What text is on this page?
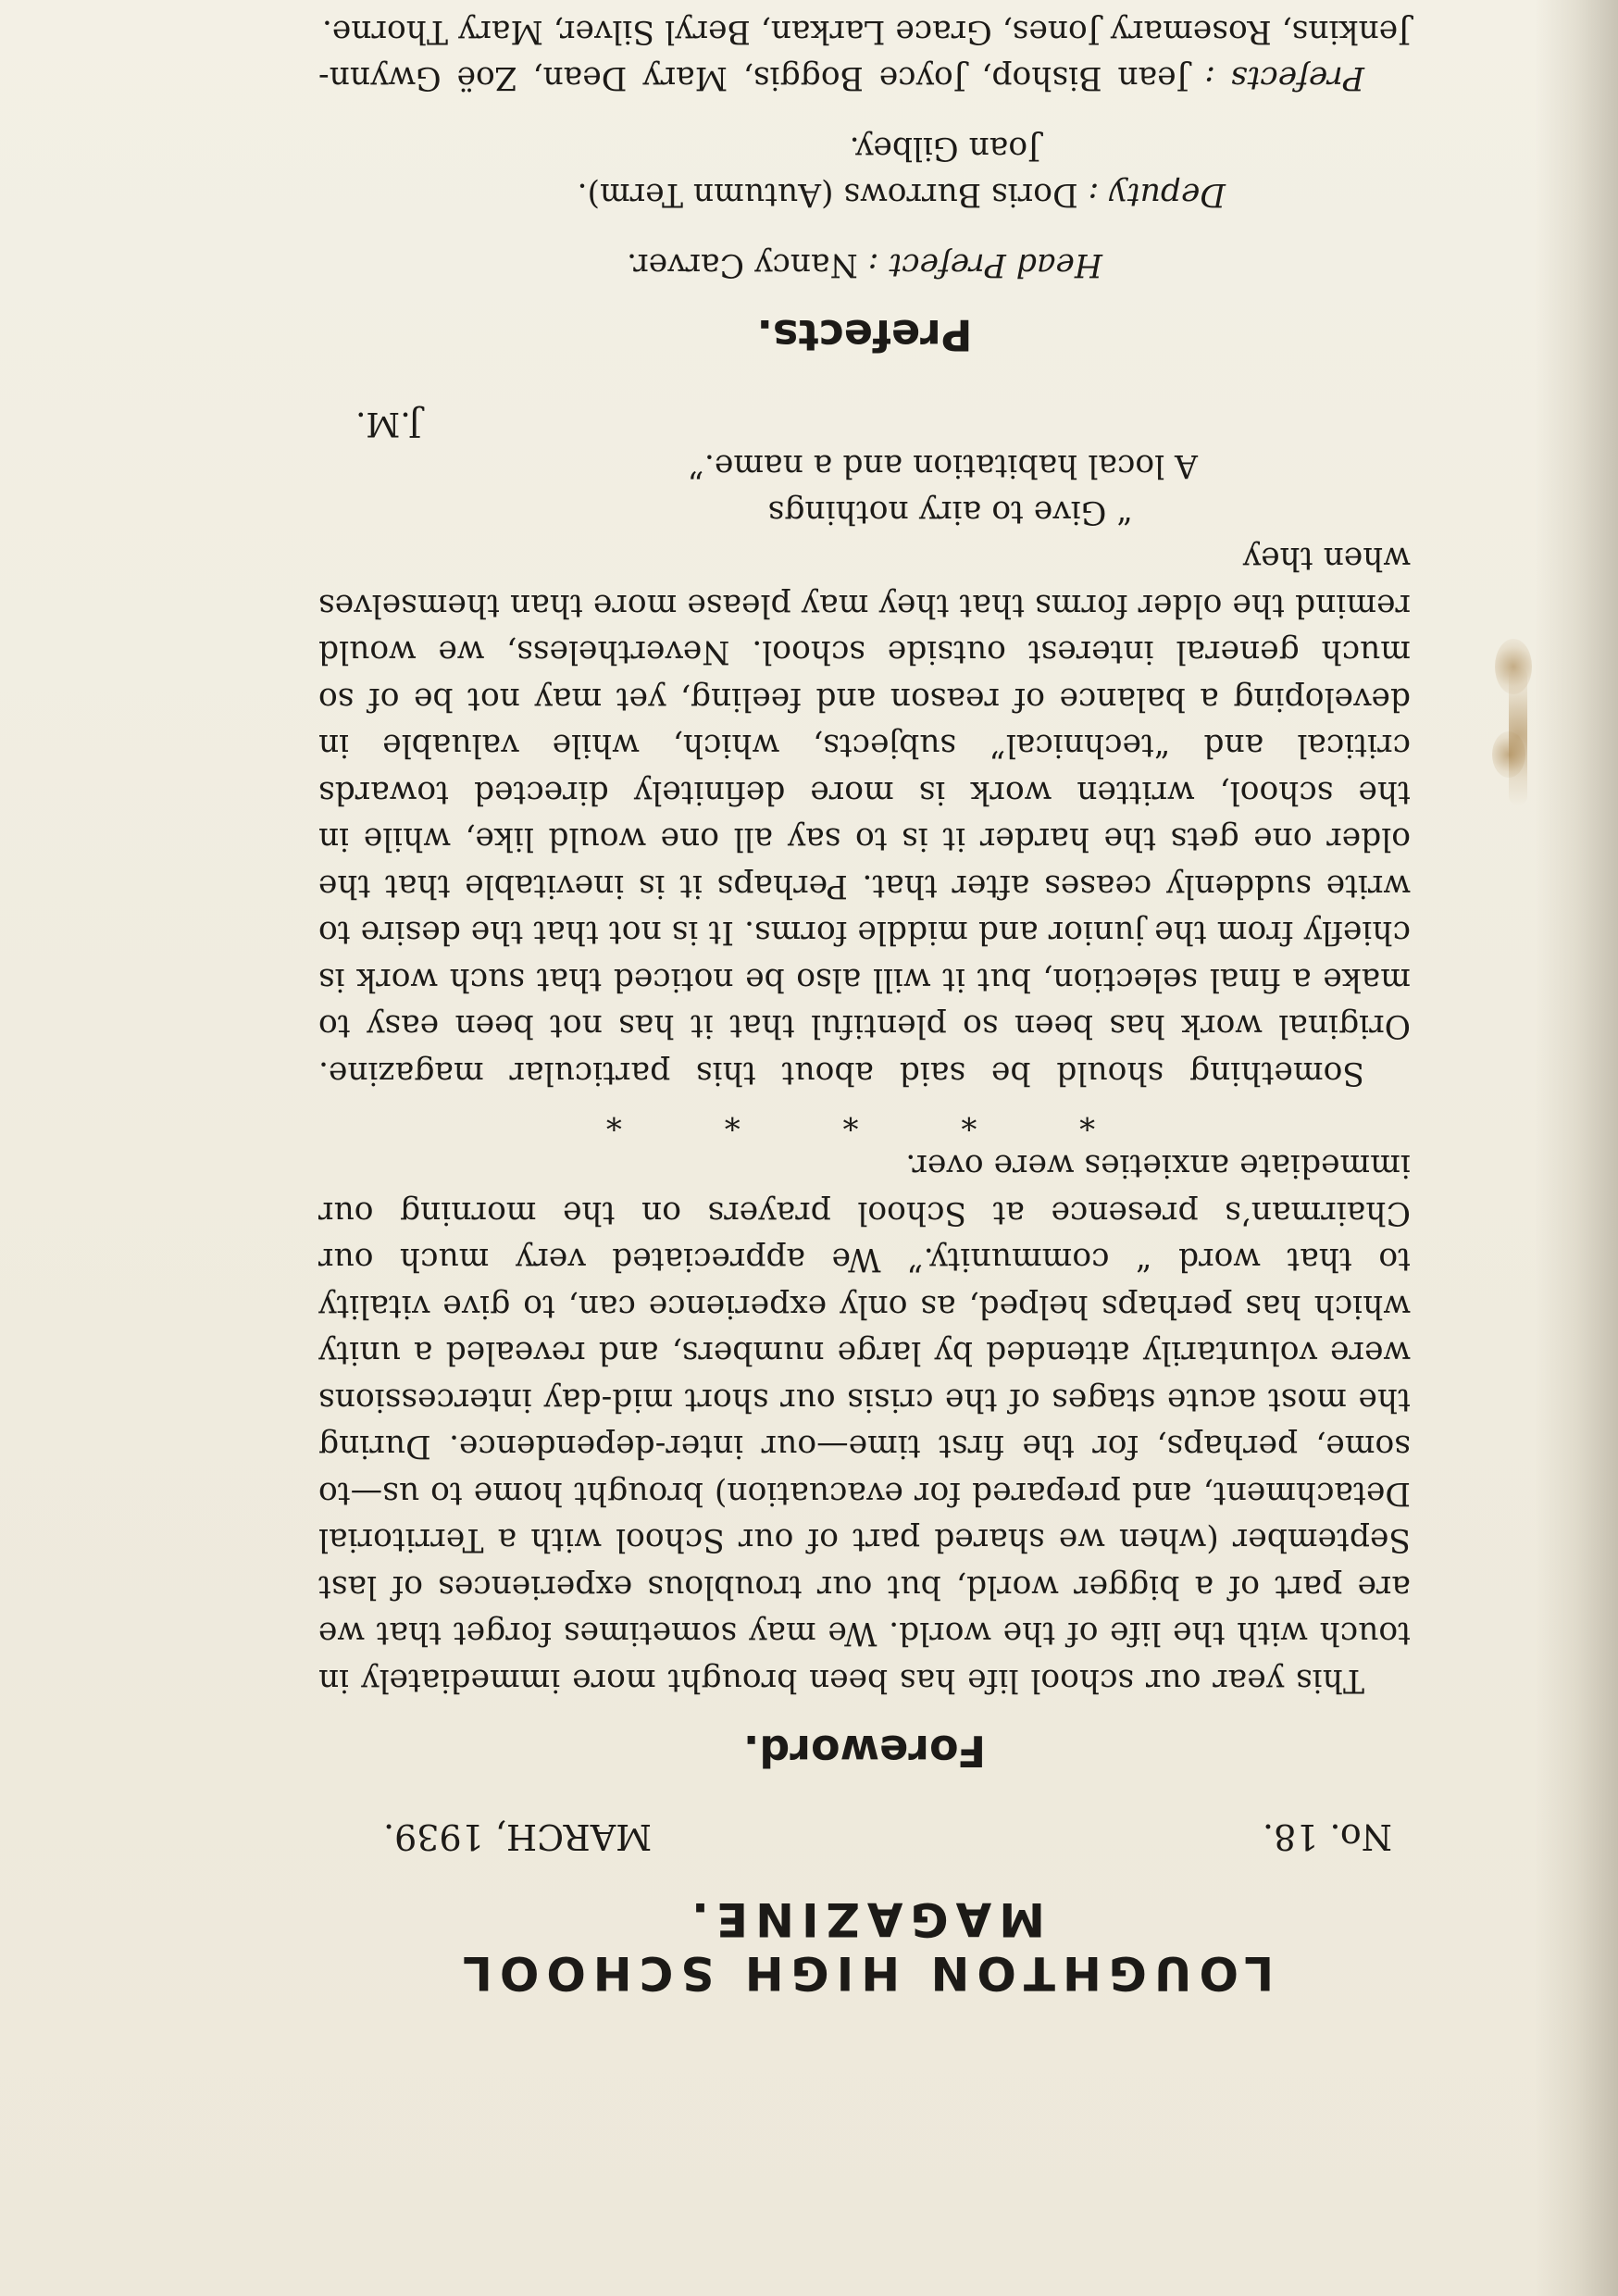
LOUGHTON HIGH SCHOOL MAGAZINE.
No. 18.
MARCH, 1939.
Foreword.

This year our school life has been brought more immediately in touch with the life of the world. We may sometimes forget that we are part of a bigger world, but our troublous experiences of last September (when we shared part of our School with a Territorial Detachment, and prepared for evacuation) brought home to us—to some, perhaps, for the first time—our inter-dependence. During the most acute stages of the crisis our short mid-day intercessions were voluntarily attended by large numbers, and revealed a unity which has perhaps helped, as only experience can, to give vitality to that word “ community.” We appreciated very much our Chairman’s presence at School prayers on the morning our immediate anxieties were over.

* * * * *

Something should be said about this particular magazine. Original work has been so plentiful that it has not been easy to make a final selection, but it will also be noticed that such work is chiefly from the junior and middle forms. It is not that the desire to write suddenly ceases after that. Perhaps it is inevitable that the older one gets the harder it is to say all one would like, while in the school, written work is more definitely directed towards critical and “technical” subjects, which, while valuable in developing a balance of reason and feeling, yet may not be of so much general interest outside school. Nevertheless, we would remind the older forms that they may please more than themselves when they

“ Give to airy nothings
A local habitation and a name.”
J.M.
Prefects.

Head Prefect : Nancy Carver.

Deputy : Doris Burrows (Autumn Term).

Joan Gilbey.

Prefects : Jean Bishop, Joyce Boggis, Mary Dean, Zoë Gwynn-Jenkins, Rosemary Jones, Grace Larkan, Beryl Silver, Mary Thorne.
